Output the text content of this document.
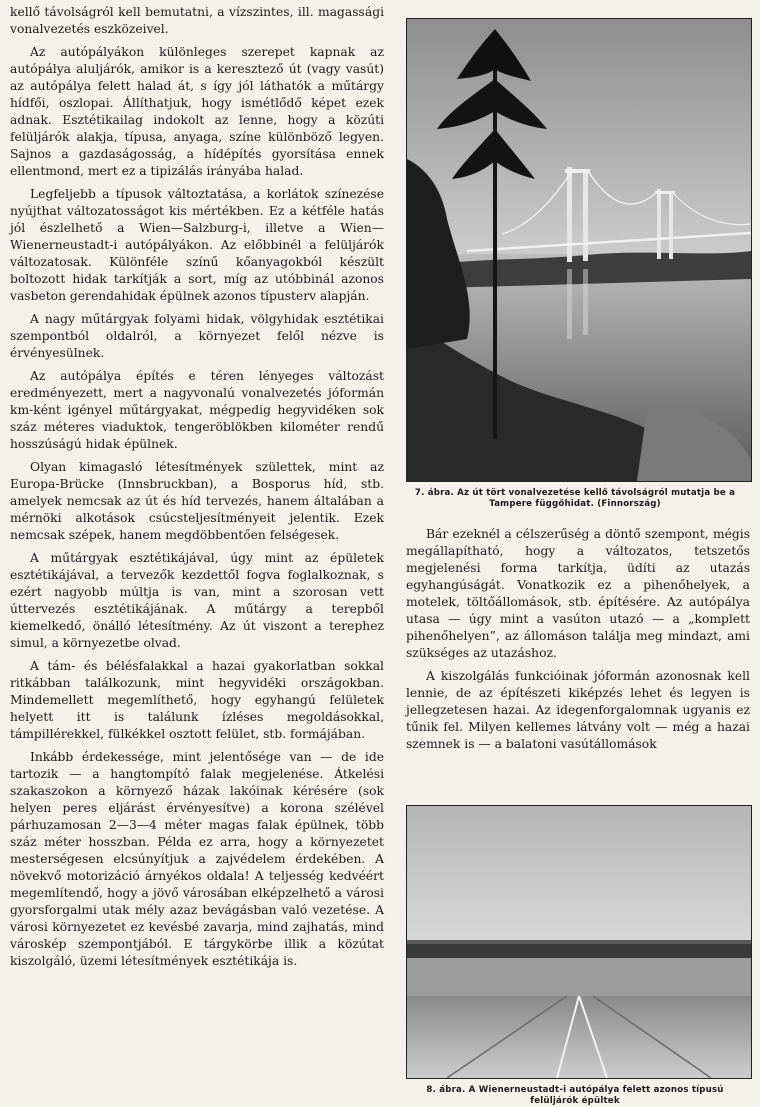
kellő távolságról kell bemutatni, a vízszintes, ill. magassági vonalvezetés eszközeivel.

Az autópályákon különleges szerepet kapnak az autópálya aluljárók, amikor is a keresztező út (vagy vasút) az autópálya felett halad át, s így jól láthatók a műtárgy hídfői, oszlopai. Állíthatjuk, hogy ismétlődő képet ezek adnak. Esztétikailag indokolt az lenne, hogy a közúti felüljárók alakja, típusa, anyaga, színe különböző legyen. Sajnos a gazdaságosság, a hídépítés gyorsítása ennek ellentmond, mert ez a tipizálás irányába halad.

Legfeljebb a típusok változtatása, a korlátok színezése nyújthat változatosságot kis mértékben. Ez a kétféle hatás jól észlelhető a Wien—Salzburg-i, illetve a Wien—Wienerneustadt-i autópályákon. Az előbbinél a felüljárók változatosak. Különféle színű kőanyagokból készült boltozott hidak tarkítják a sort, míg az utóbbinál azonos vasbeton gerendahidak épülnek azonos típusterv alapján.

A nagy műtárgyak folyami hidak, völgyhidak esztétikai szempontból oldalról, a környezet felől nézve is érvényesülnek.

Az autópálya építés e téren lényeges változást eredményezett, mert a nagyvonalú vonalvezetés jóformán km-ként igényel műtárgyakat, mégpedig hegyvidéken sok száz méteres viaduktok, tengeröblökben kilométer rendű hosszúságú hidak épülnek.

Olyan kimagasló létesítmények születtek, mint az Europa-Brücke (Innsbruckban), a Bosporus híd, stb. amelyek nemcsak az út és híd tervezés, hanem általában a mérnöki alkotások csúcsteljesítményeit jelentik. Ezek nemcsak szépek, hanem megdöbbentően felségesek.

A műtárgyak esztétikájával, úgy mint az épületek esztétikájával, a tervezők kezdettől fogva foglalkoznak, s ezért nagyobb múltja is van, mint a szorosan vett úttervezés esztétikájának. A műtárgy a terepből kiemelkedő, önálló létesítmény. Az út viszont a terephez simul, a környezetbe olvad.

A tám- és bélésfalakkal a hazai gyakorlatban sokkal ritkábban találkozunk, mint hegyvidéki országokban. Mindemellett megemlíthető, hogy egyhangú felületek helyett itt is találunk ízléses megoldásokkal, támpillérekkel, fülkékkel osztott felület, stb. formájában.

Inkább érdekessége, mint jelentősége van — de ide tartozik — a hangtompító falak megjelenése. Átkelési szakaszokon a környező házak lakóinak kérésére (sok helyen peres eljárást érvényesítve) a korona szélével párhuzamosan 2—3—4 méter magas falak épülnek, több száz méter hosszban. Példa ez arra, hogy a környezetet mesterségesen elcsúnyítjuk a zajvédelem érdekében. A növekvő motorizáció árnyékos oldala! A teljesség kedvéért megemlítendő, hogy a jövő városában elképzelhető a városi gyorsforgalmi utak mély azaz bevágásban való vezetése. A városi környezetet ez kevésbé zavarja, mind zajhatás, mind városkép szempontjából. E tárgykörbe illik a közútat kiszolgáló, üzemi létesítmények esztétikája is.

7. ábra. Az út tört vonalvezetése kellő távolságról mutatja be a Tampere függőhidat. (Finnország)

Bár ezeknél a célszerűség a döntő szempont, mégis megállapítható, hogy a változatos, tetszetős megjelenési forma tarkítja, üdíti az utazás egyhangúságát. Vonatkozik ez a pihenőhelyek, a motelek, töltőállomások, stb. építésére. Az autópálya utasa — úgy mint a vasúton utazó — a „komplett pihenőhelyen”, az állomáson találja meg mindazt, ami szükséges az utazáshoz.

A kiszolgálás funkcióinak jóformán azonosnak kell lennie, de az építészeti kiképzés lehet és legyen is jellegzetesen hazai. Az idegenforgalomnak ugyanis ez tűnik fel. Milyen kellemes látvány volt — még a hazai szemnek is — a balatoni vasútállomások

8. ábra. A Wienerneustadt-i autópálya felett azonos típusú felüljárók épültek
